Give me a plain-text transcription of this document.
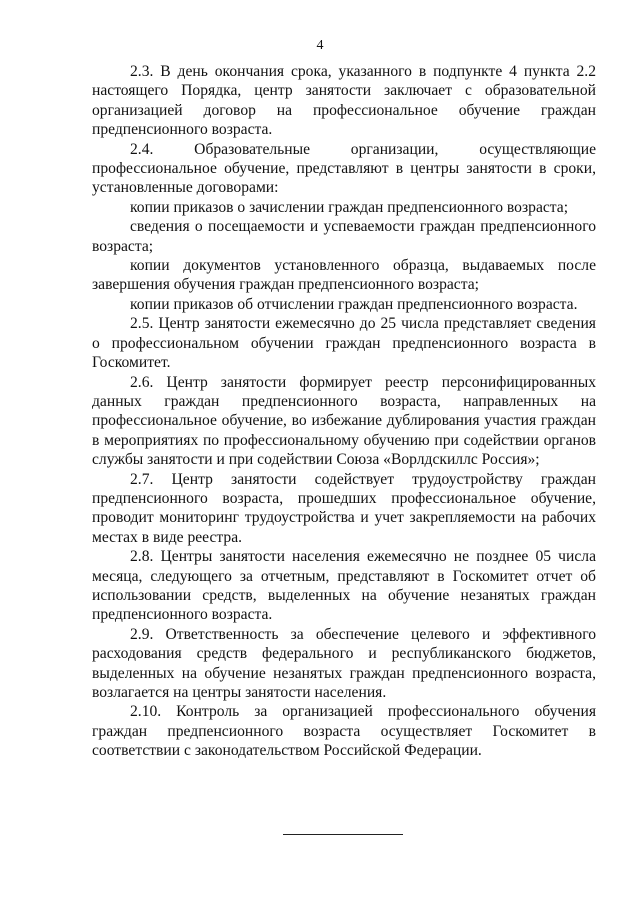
4

2.3. В день окончания срока, указанного в подпункте 4 пункта 2.2 настоящего Порядка, центр занятости заключает с образовательной организацией договор на профессиональное обучение граждан предпенсионного возраста.

2.4. Образовательные организации, осуществляющие профессиональное обучение, представляют в центры занятости в сроки, установленные договорами:

копии приказов о зачислении граждан предпенсионного возраста;

сведения о посещаемости и успеваемости граждан предпенсионного возраста;

копии документов установленного образца, выдаваемых после завершения обучения граждан предпенсионного возраста;

копии приказов об отчислении граждан предпенсионного возраста.

2.5. Центр занятости ежемесячно до 25 числа представляет сведения о профессиональном обучении граждан предпенсионного возраста в Госкомитет.

2.6. Центр занятости формирует реестр персонифицированных данных граждан предпенсионного возраста, направленных на профессиональное обучение, во избежание дублирования участия граждан в мероприятиях по профессиональному обучению при содействии органов службы занятости и при содействии Союза «Ворлдскиллс Россия»;

2.7. Центр занятости содействует трудоустройству граждан предпенсионного возраста, прошедших профессиональное обучение, проводит мониторинг трудоустройства и учет закрепляемости на рабочих местах в виде реестра.

2.8. Центры занятости населения ежемесячно не позднее 05 числа месяца, следующего за отчетным, представляют в Госкомитет отчет об использовании средств, выделенных на обучение незанятых граждан предпенсионного возраста.

2.9. Ответственность за обеспечение целевого и эффективного расходования средств федерального и республиканского бюджетов, выделенных на обучение незанятых граждан предпенсионного возраста, возлагается на центры занятости населения.

2.10. Контроль за организацией профессионального обучения граждан предпенсионного возраста осуществляет Госкомитет в соответствии с законодательством Российской Федерации.
